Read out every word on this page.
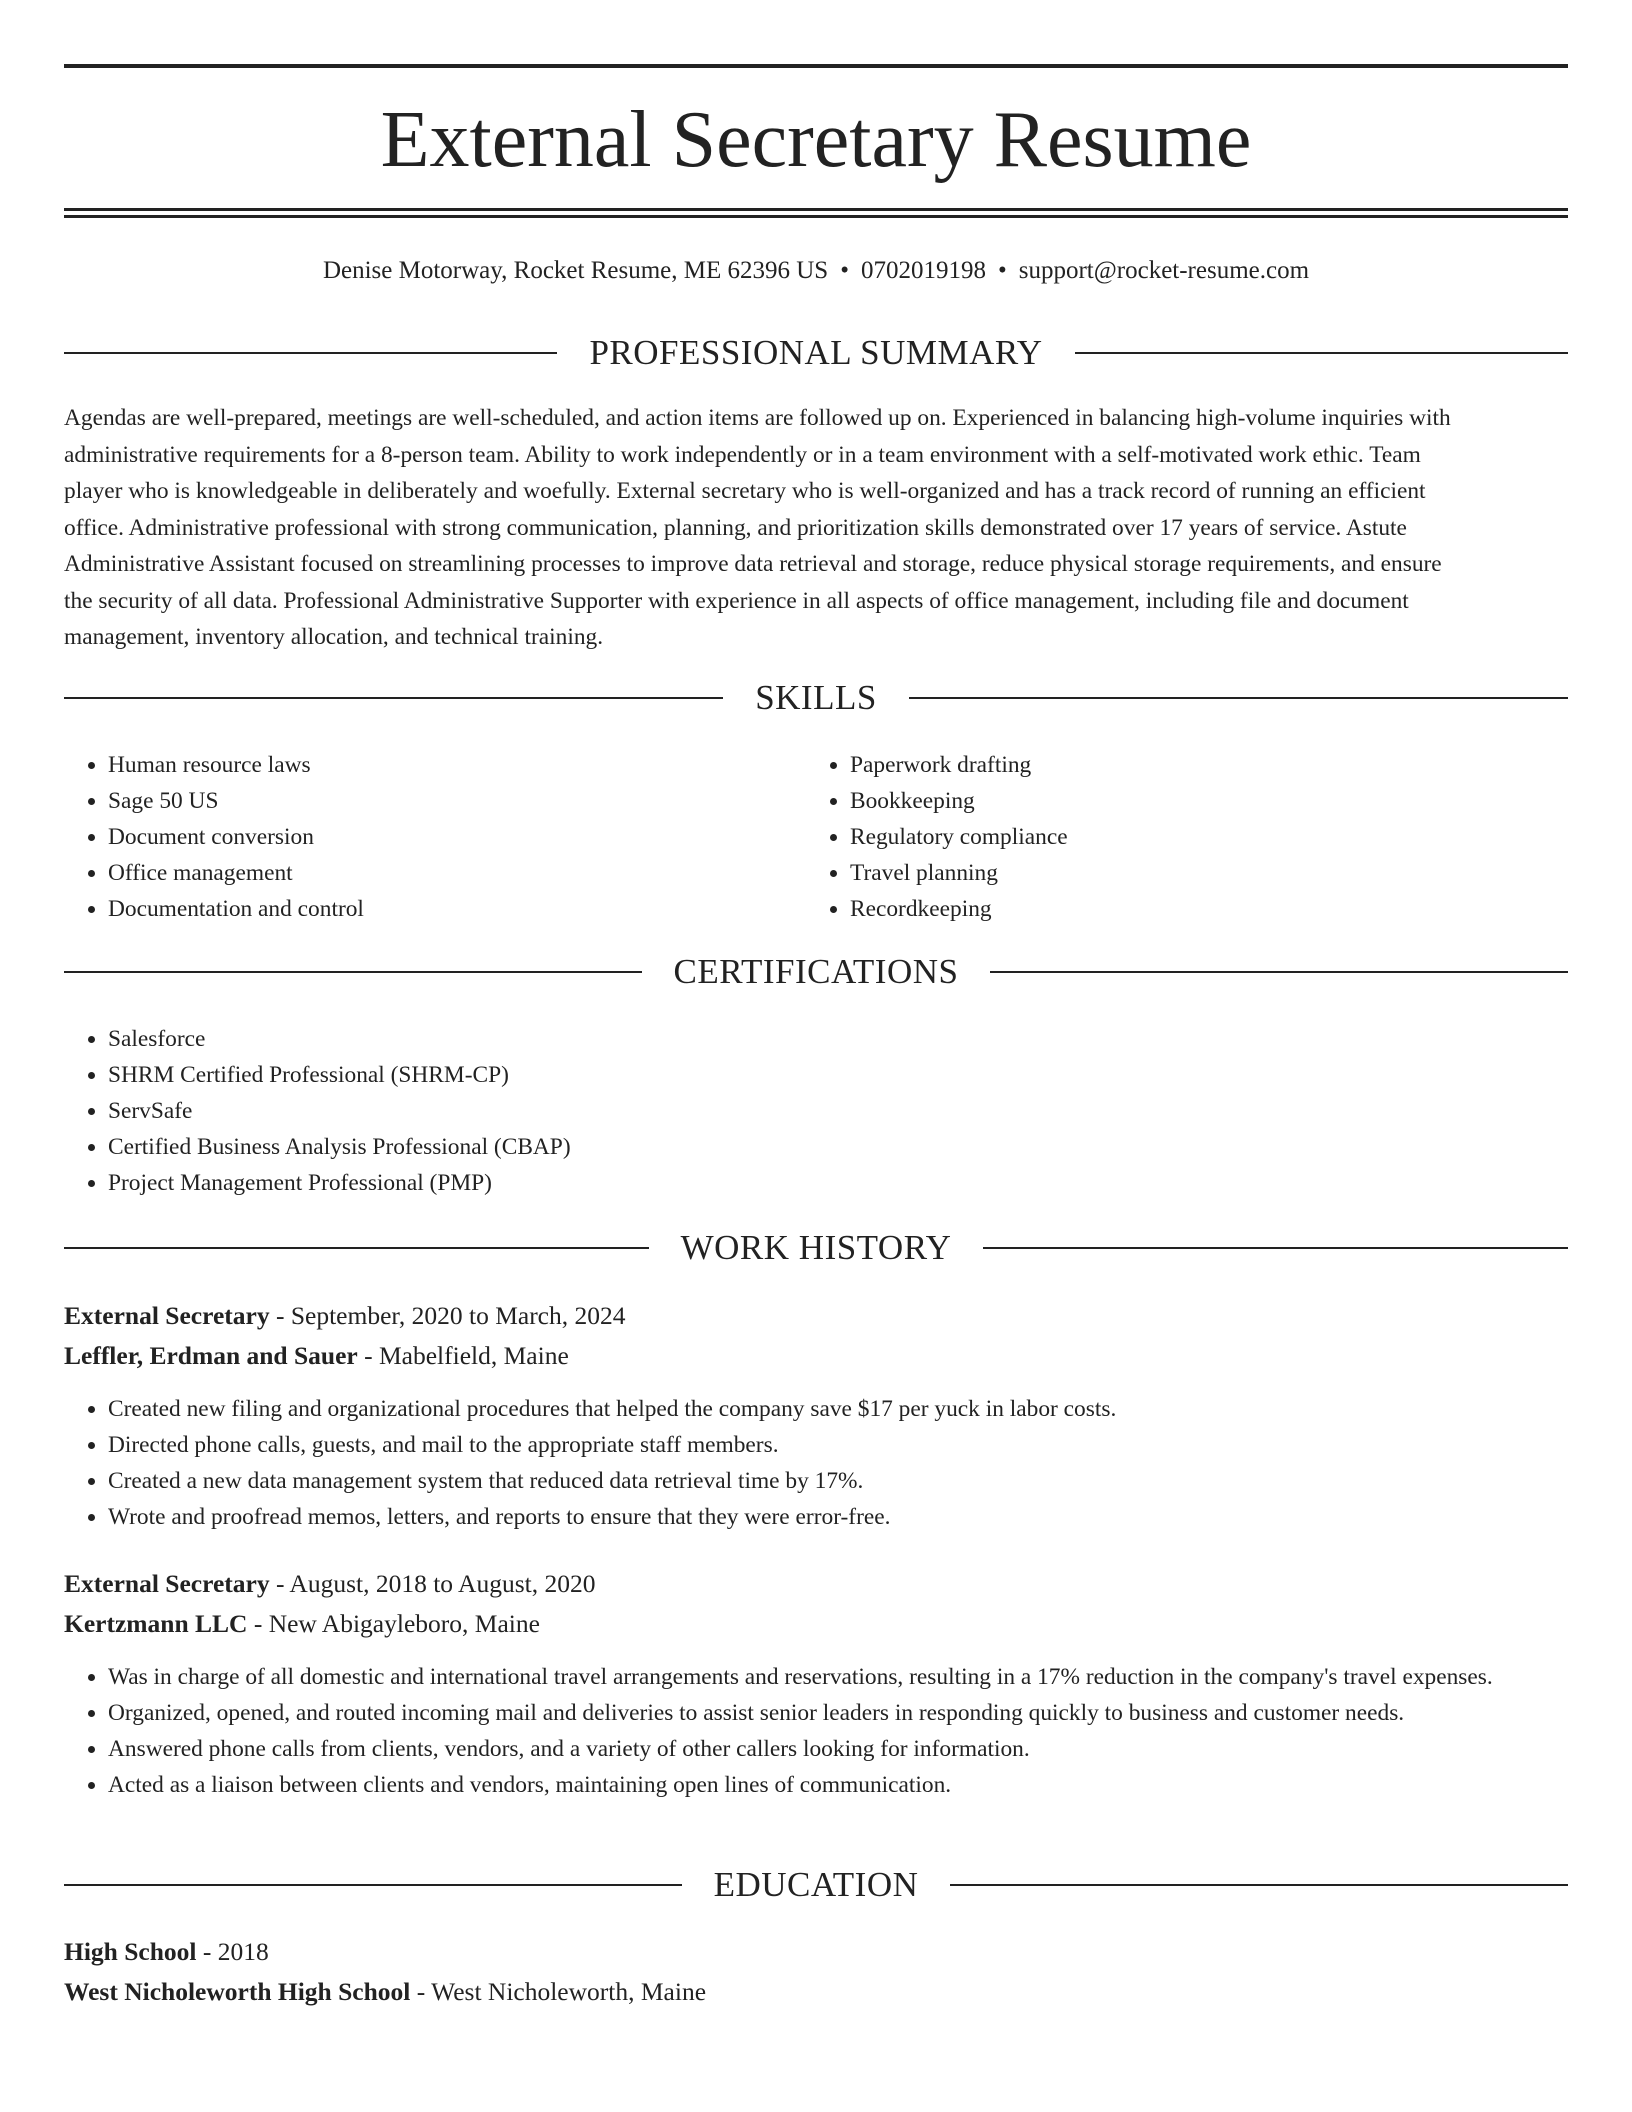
External Secretary Resume
Denise Motorway, Rocket Resume, ME 62396 US • 0702019198 • support@rocket-resume.com
PROFESSIONAL SUMMARY
Agendas are well-prepared, meetings are well-scheduled, and action items are followed up on. Experienced in balancing high-volume inquiries with
administrative requirements for a 8-person team. Ability to work independently or in a team environment with a self-motivated work ethic. Team
player who is knowledgeable in deliberately and woefully. External secretary who is well-organized and has a track record of running an efficient
office. Administrative professional with strong communication, planning, and prioritization skills demonstrated over 17 years of service. Astute
Administrative Assistant focused on streamlining processes to improve data retrieval and storage, reduce physical storage requirements, and ensure
the security of all data. Professional Administrative Supporter with experience in all aspects of office management, including file and document
management, inventory allocation, and technical training.
SKILLS
• Human resource laws
• Sage 50 US
• Document conversion
• Office management
• Documentation and control
• Paperwork drafting
• Bookkeeping
• Regulatory compliance
• Travel planning
• Recordkeeping
CERTIFICATIONS
• Salesforce
• SHRM Certified Professional (SHRM-CP)
• ServSafe
• Certified Business Analysis Professional (CBAP)
• Project Management Professional (PMP)
WORK HISTORY
External Secretary - September, 2020 to March, 2024
Leffler, Erdman and Sauer - Mabelfield, Maine
• Created new filing and organizational procedures that helped the company save $17 per yuck in labor costs.
• Directed phone calls, guests, and mail to the appropriate staff members.
• Created a new data management system that reduced data retrieval time by 17%.
• Wrote and proofread memos, letters, and reports to ensure that they were error-free.
External Secretary - August, 2018 to August, 2020
Kertzmann LLC - New Abigayleboro, Maine
• Was in charge of all domestic and international travel arrangements and reservations, resulting in a 17% reduction in the company's travel expenses.
• Organized, opened, and routed incoming mail and deliveries to assist senior leaders in responding quickly to business and customer needs.
• Answered phone calls from clients, vendors, and a variety of other callers looking for information.
• Acted as a liaison between clients and vendors, maintaining open lines of communication.
EDUCATION
High School - 2018
West Nicholeworth High School - West Nicholeworth, Maine
